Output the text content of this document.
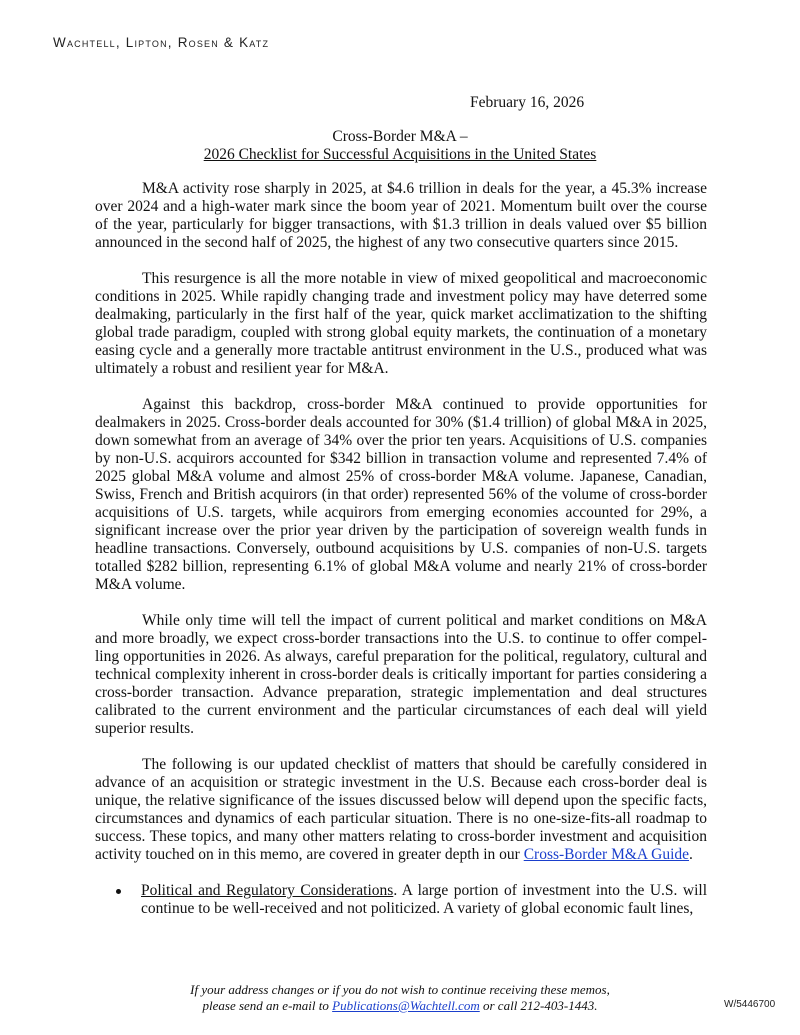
Wachtell, Lipton, Rosen & Katz
February 16, 2026
Cross-Border M&A –
2026 Checklist for Successful Acquisitions in the United States

M&A activity rose sharply in 2025, at $4.6 trillion in deals for the year, a 45.3% increase over 2024 and a high-water mark since the boom year of 2021. Momentum built over the course of the year, particularly for bigger transactions, with $1.3 trillion in deals valued over $5 billion announced in the second half of 2025, the highest of any two consecutive quarters since 2015.

This resurgence is all the more notable in view of mixed geopolitical and macroeconomic conditions in 2025. While rapidly changing trade and investment policy may have deterred some dealmaking, particularly in the first half of the year, quick market acclimatization to the shifting global trade paradigm, coupled with strong global equity markets, the continuation of a monetary easing cycle and a generally more tractable antitrust environment in the U.S., produced what was ultimately a robust and resilient year for M&A.

Against this backdrop, cross-border M&A continued to provide opportunities for dealmakers in 2025. Cross-border deals accounted for 30% ($1.4 trillion) of global M&A in 2025, down somewhat from an average of 34% over the prior ten years. Acquisitions of U.S. companies by non-U.S. acquirors accounted for $342 billion in transaction volume and represented 7.4% of 2025 global M&A volume and almost 25% of cross-border M&A volume. Japanese, Canadian, Swiss, French and British acquirors (in that order) represented 56% of the volume of cross-border acquisitions of U.S. targets, while acquirors from emerging economies accounted for 29%, a significant increase over the prior year driven by the participation of sovereign wealth funds in headline transactions. Conversely, outbound acquisitions by U.S. companies of non-U.S. targets totalled $282 billion, representing 6.1% of global M&A volume and nearly 21% of cross-border M&A volume.

While only time will tell the impact of current political and market conditions on M&A and more broadly, we expect cross-border transactions into the U.S. to continue to offer compelling opportunities in 2026. As always, careful preparation for the political, regulatory, cultural and technical complexity inherent in cross-border deals is critically important for parties considering a cross-border transaction. Advance preparation, strategic implementation and deal structures calibrated to the current environment and the particular circumstances of each deal will yield superior results.

The following is our updated checklist of matters that should be carefully considered in advance of an acquisition or strategic investment in the U.S. Because each cross-border deal is unique, the relative significance of the issues discussed below will depend upon the specific facts, circumstances and dynamics of each particular situation. There is no one-size-fits-all roadmap to success. These topics, and many other matters relating to cross-border investment and acquisition activity touched on in this memo, are covered in greater depth in our Cross-Border M&A Guide.

Political and Regulatory Considerations. A large portion of investment into the U.S. will continue to be well-received and not politicized. A variety of global economic fault lines,
If your address changes or if you do not wish to continue receiving these memos,
please send an e-mail to Publications@Wachtell.com or call 212-403-1443.	W/5446700
